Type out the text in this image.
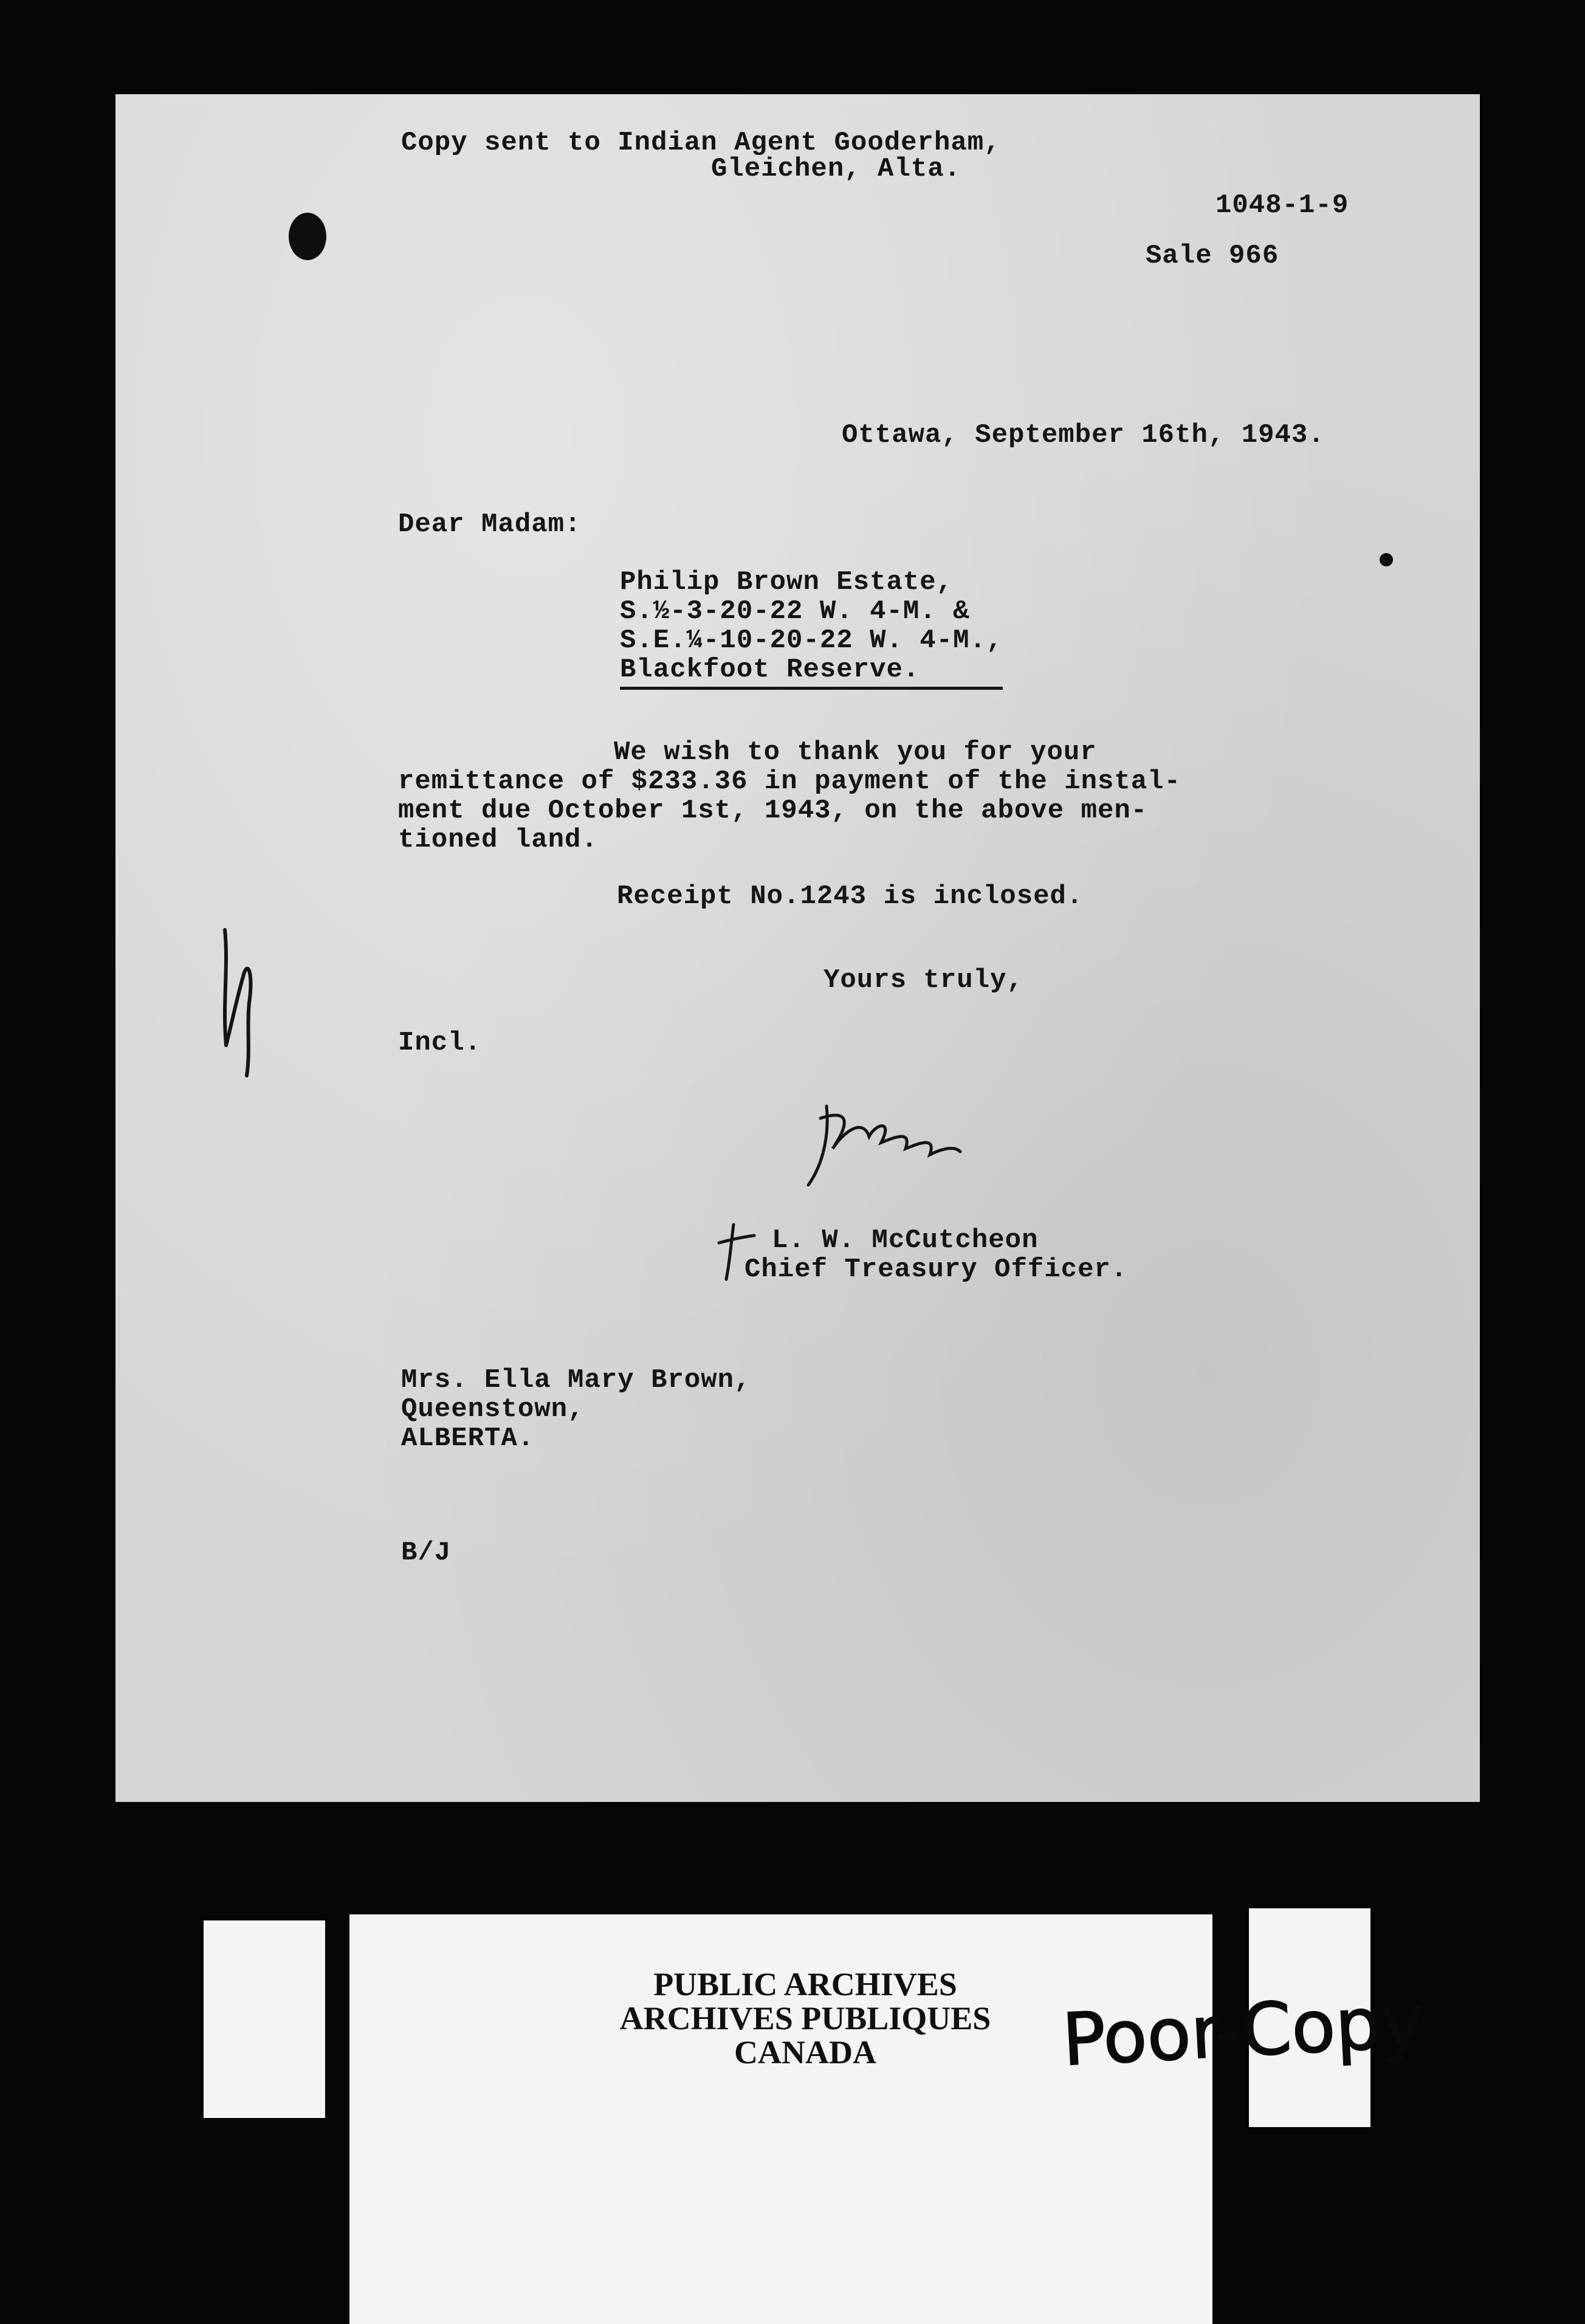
Copy sent to Indian Agent Gooderham,
Gleichen, Alta.
1048-1-9
Sale 966
Ottawa, September 16th, 1943.
Dear Madam:
Philip Brown Estate,
S.½-3-20-22 W. 4-M. &
S.E.¼-10-20-22 W. 4-M.,
Blackfoot Reserve.
We wish to thank you for your
remittance of $233.36 in payment of the instal-
ment due October 1st, 1943, on the above men-
tioned land.
Receipt No.1243 is inclosed.
Yours truly,
Incl.
L. W. McCutcheon
Chief Treasury Officer.
Mrs. Ella Mary Brown,
Queenstown,
ALBERTA.
B/J
PUBLIC ARCHIVES
ARCHIVES PUBLIQUES
CANADA	Poor-Copy
